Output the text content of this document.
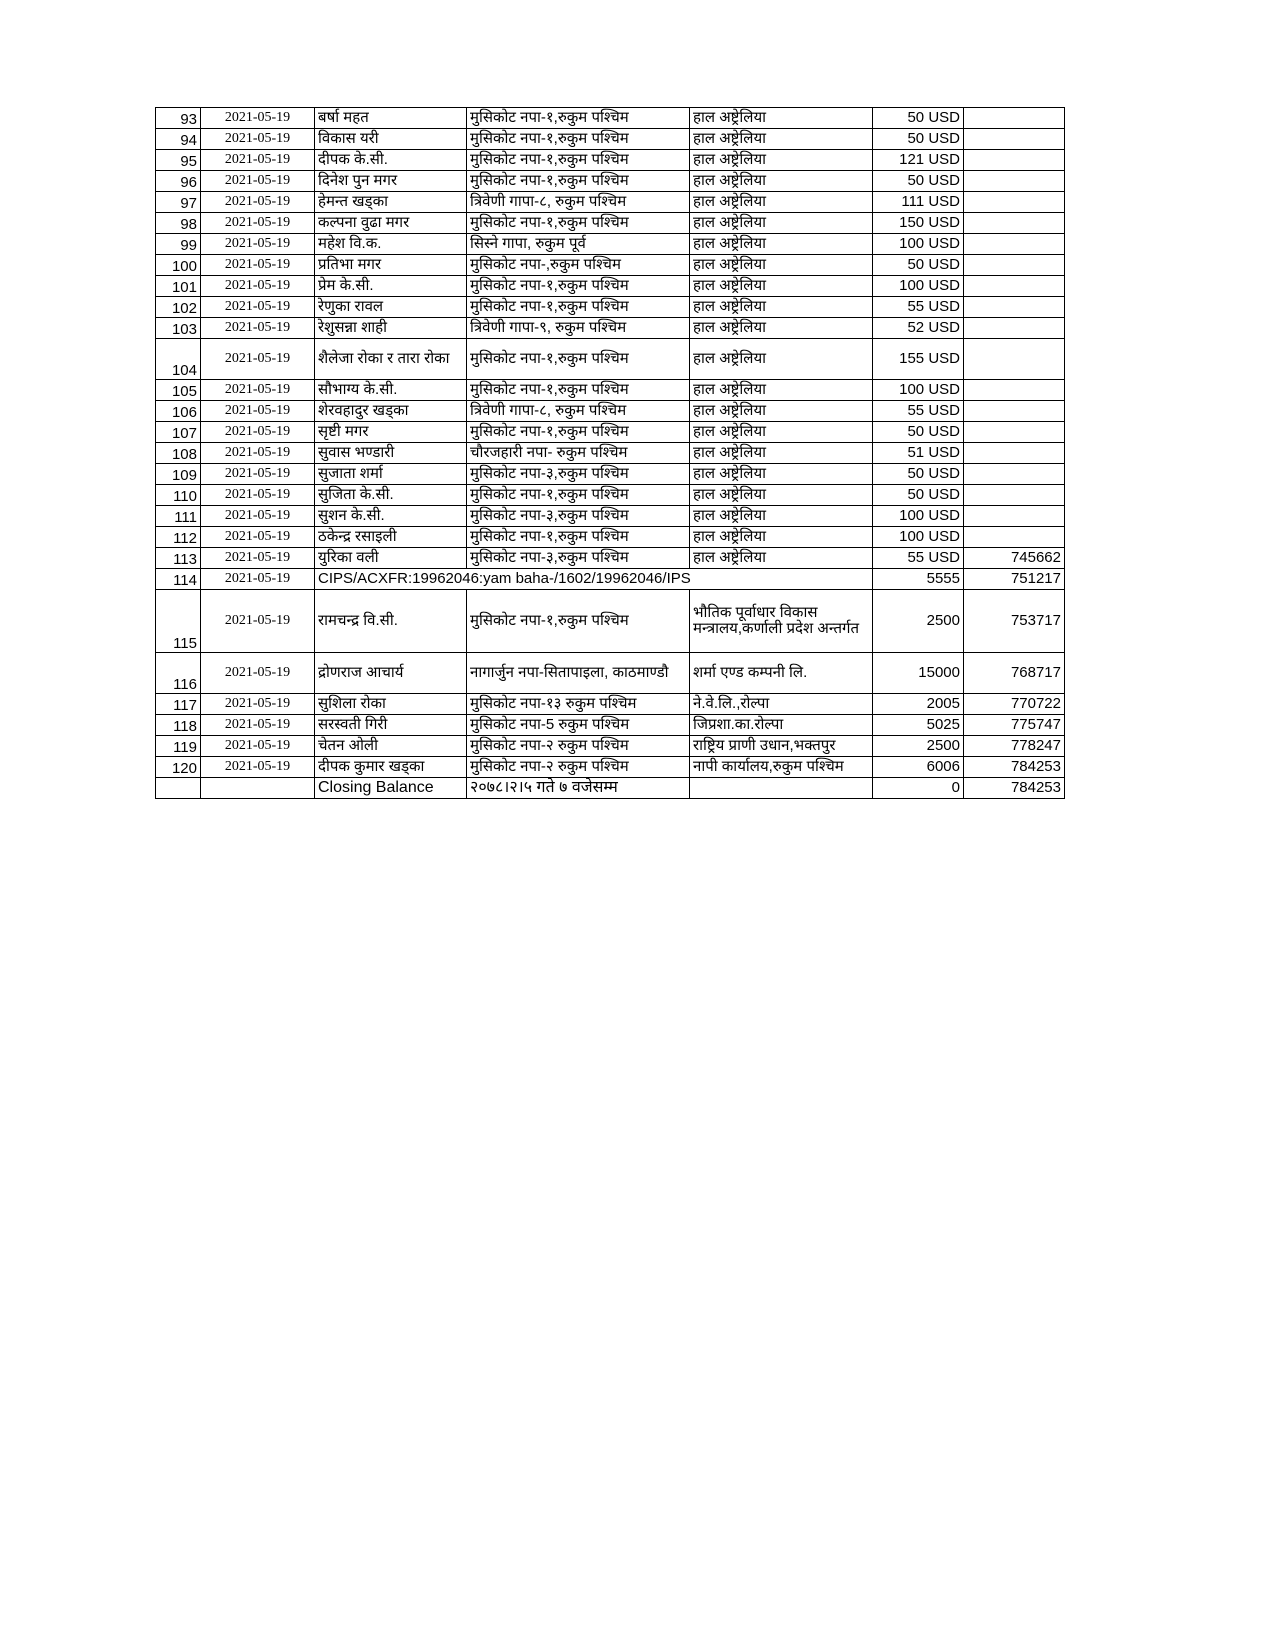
93	2021-05-19	बर्षा महत	मुसिकोट नपा-१,रुकुम पश्चिम	हाल अष्ट्रेलिया	50 USD	
94	2021-05-19	विकास यरी	मुसिकोट नपा-१,रुकुम पश्चिम	हाल अष्ट्रेलिया	50 USD	
95	2021-05-19	दीपक के.सी.	मुसिकोट नपा-१,रुकुम पश्चिम	हाल अष्ट्रेलिया	121 USD	
96	2021-05-19	दिनेश पुन मगर	मुसिकोट नपा-१,रुकुम पश्चिम	हाल अष्ट्रेलिया	50 USD	
97	2021-05-19	हेमन्त खड्का	त्रिवेणी गापा-८, रुकुम पश्चिम	हाल अष्ट्रेलिया	111 USD	
98	2021-05-19	कल्पना वुढा मगर	मुसिकोट नपा-१,रुकुम पश्चिम	हाल अष्ट्रेलिया	150 USD	
99	2021-05-19	महेश वि.क.	सिस्ने गापा, रुकुम पूर्व	हाल अष्ट्रेलिया	100 USD	
100	2021-05-19	प्रतिभा मगर	मुसिकोट नपा-,रुकुम पश्चिम	हाल अष्ट्रेलिया	50 USD	
101	2021-05-19	प्रेम के.सी.	मुसिकोट नपा-१,रुकुम पश्चिम	हाल अष्ट्रेलिया	100 USD	
102	2021-05-19	रेणुका रावल	मुसिकोट नपा-१,रुकुम पश्चिम	हाल अष्ट्रेलिया	55 USD	
103	2021-05-19	रेशुसन्ना शाही	त्रिवेणी गापा-९, रुकुम पश्चिम	हाल अष्ट्रेलिया	52 USD	
104	2021-05-19	शैलेजा रोका र तारा रोका	मुसिकोट नपा-१,रुकुम पश्चिम	हाल अष्ट्रेलिया	155 USD	
105	2021-05-19	सौभाग्य के.सी.	मुसिकोट नपा-१,रुकुम पश्चिम	हाल अष्ट्रेलिया	100 USD	
106	2021-05-19	शेरवहादुर खड्का	त्रिवेणी गापा-८, रुकुम पश्चिम	हाल अष्ट्रेलिया	55 USD	
107	2021-05-19	सृष्टी मगर	मुसिकोट नपा-१,रुकुम पश्चिम	हाल अष्ट्रेलिया	50 USD	
108	2021-05-19	सुवास भण्डारी	चौरजहारी नपा- रुकुम पश्चिम	हाल अष्ट्रेलिया	51 USD	
109	2021-05-19	सुजाता शर्मा	मुसिकोट नपा-३,रुकुम पश्चिम	हाल अष्ट्रेलिया	50 USD	
110	2021-05-19	सुजिता के.सी.	मुसिकोट नपा-१,रुकुम पश्चिम	हाल अष्ट्रेलिया	50 USD	
111	2021-05-19	सुशन के.सी.	मुसिकोट नपा-३,रुकुम पश्चिम	हाल अष्ट्रेलिया	100 USD	
112	2021-05-19	ठकेन्द्र रसाइली	मुसिकोट नपा-१,रुकुम पश्चिम	हाल अष्ट्रेलिया	100 USD	
113	2021-05-19	युरिका वली	मुसिकोट नपा-३,रुकुम पश्चिम	हाल अष्ट्रेलिया	55 USD	745662
114	2021-05-19	CIPS/ACXFR:19962046:yam baha-/1602/19962046/IPS			5555	751217
115	2021-05-19	रामचन्द्र वि.सी.	मुसिकोट नपा-१,रुकुम पश्चिम	भौतिक पूर्वाधार विकास मन्त्रालय,कर्णाली प्रदेश अन्तर्गत	2500	753717
116	2021-05-19	द्रोणराज आचार्य	नागार्जुन नपा-सितापाइला, काठमाण्डौ	शर्मा एण्ड कम्पनी लि.	15000	768717
117	2021-05-19	सुशिला रोका	मुसिकोट नपा-१३ रुकुम पश्चिम	ने.वे.लि.,रोल्पा	2005	770722
118	2021-05-19	सरस्वती गिरी	मुसिकोट नपा-5 रुकुम पश्चिम	जिप्रशा.का.रोल्पा	5025	775747
119	2021-05-19	चेतन ओली	मुसिकोट नपा-२ रुकुम पश्चिम	राष्ट्रिय प्राणी उधान,भक्तपुर	2500	778247
120	2021-05-19	दीपक कुमार खड्का	मुसिकोट नपा-२ रुकुम पश्चिम	नापी कार्यालय,रुकुम पश्चिम	6006	784253
		Closing Balance	२०७८।२।५ गते ७ वजेसम्म		0	784253
